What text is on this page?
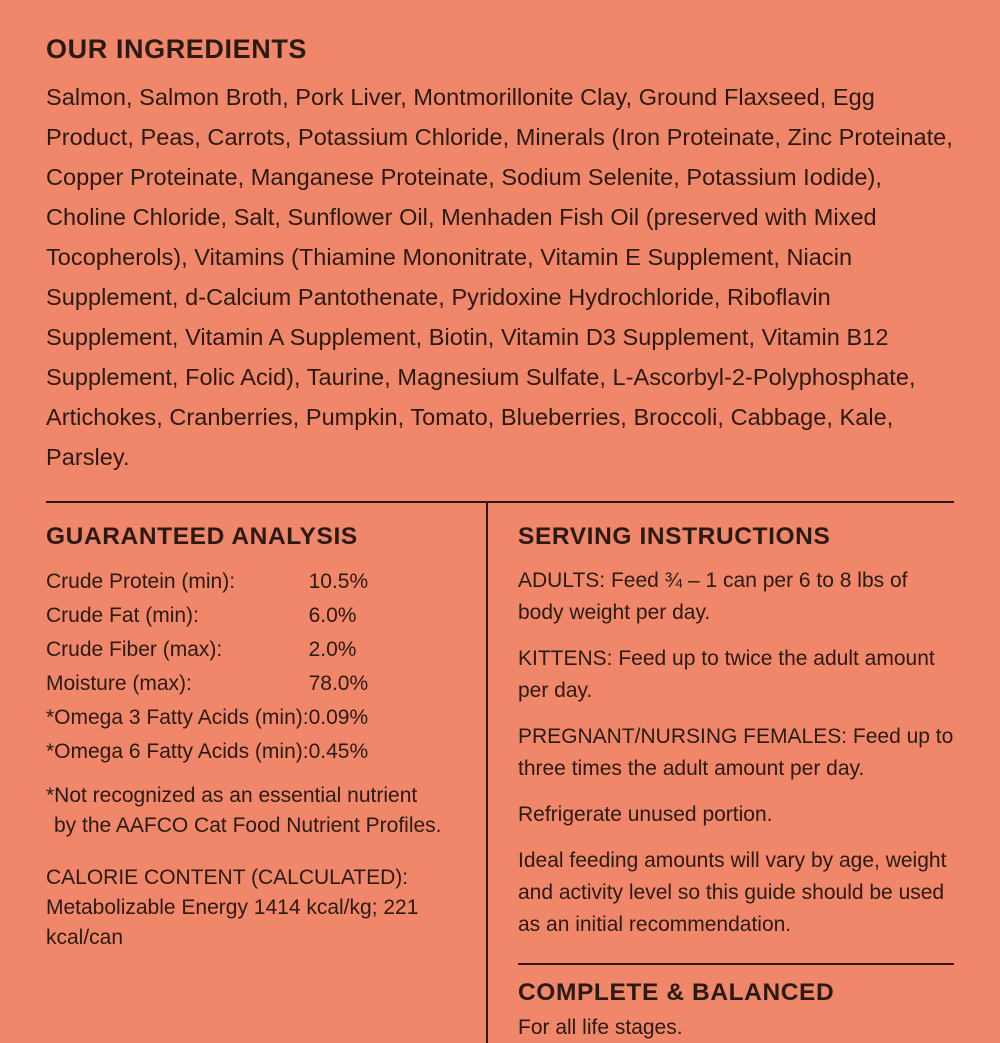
OUR INGREDIENTS

Salmon, Salmon Broth, Pork Liver, Montmorillonite Clay, Ground Flaxseed, Egg Product, Peas, Carrots, Potassium Chloride, Minerals (Iron Proteinate, Zinc Proteinate, Copper Proteinate, Manganese Proteinate, Sodium Selenite, Potassium Iodide), Choline Chloride, Salt, Sunflower Oil, Menhaden Fish Oil (preserved with Mixed Tocopherols), Vitamins (Thiamine Mononitrate, Vitamin E Supplement, Niacin Supplement, d-Calcium Pantothenate, Pyridoxine Hydrochloride, Riboflavin Supplement, Vitamin A Supplement, Biotin, Vitamin D3 Supplement, Vitamin B12 Supplement, Folic Acid), Taurine, Magnesium Sulfate, L-Ascorbyl-2-Polyphosphate, Artichokes, Cranberries, Pumpkin, Tomato, Blueberries, Broccoli, Cabbage, Kale, Parsley.

GUARANTEED ANALYSIS
Crude Protein (min):	10.5%
Crude Fat (min):	6.0%
Crude Fiber (max):	2.0%
Moisture (max):	78.0%
*Omega 3 Fatty Acids (min):	0.09%
*Omega 6 Fatty Acids (min):	0.45%

*Not recognized as an essential nutrient
by the AAFCO Cat Food Nutrient Profiles.

CALORIE CONTENT (CALCULATED):
Metabolizable Energy 1414 kcal/kg; 221 kcal/can

SERVING INSTRUCTIONS

ADULTS: Feed ¾ – 1 can per 6 to 8 lbs of body weight per day.

KITTENS: Feed up to twice the adult amount per day.

PREGNANT/NURSING FEMALES: Feed up to three times the adult amount per day.

Refrigerate unused portion.

Ideal feeding amounts will vary by age, weight and activity level so this guide should be used as an initial recommendation.

COMPLETE & BALANCED

For all life stages.
